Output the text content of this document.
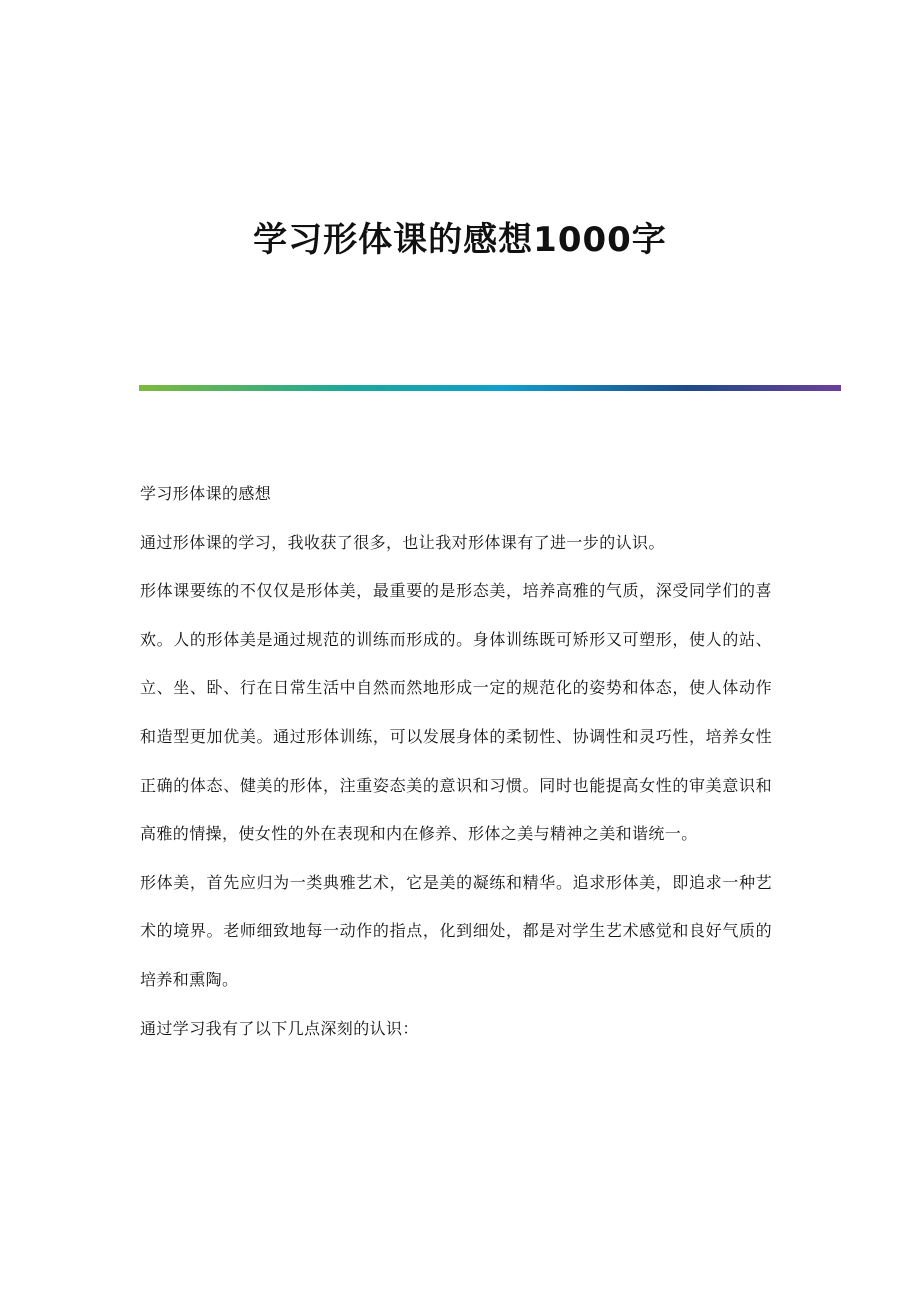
学习形体课的感想1000字

学习形体课的感想

通过形体课的学习，我收获了很多，也让我对形体课有了进一步的认识。

形体课要练的不仅仅是形体美，最重要的是形态美，培养高雅的气质，深受同学们的喜欢。人的形体美是通过规范的训练而形成的。身体训练既可矫形又可塑形，使人的站、立、坐、卧、行在日常生活中自然而然地形成一定的规范化的姿势和体态，使人体动作和造型更加优美。通过形体训练，可以发展身体的柔韧性、协调性和灵巧性，培养女性正确的体态、健美的形体，注重姿态美的意识和习惯。同时也能提高女性的审美意识和高雅的情操，使女性的外在表现和内在修养、形体之美与精神之美和谐统一。

形体美，首先应归为一类典雅艺术，它是美的凝练和精华。追求形体美，即追求一种艺术的境界。老师细致地每一动作的指点，化到细处，都是对学生艺术感觉和良好气质的培养和熏陶。

通过学习我有了以下几点深刻的认识：
